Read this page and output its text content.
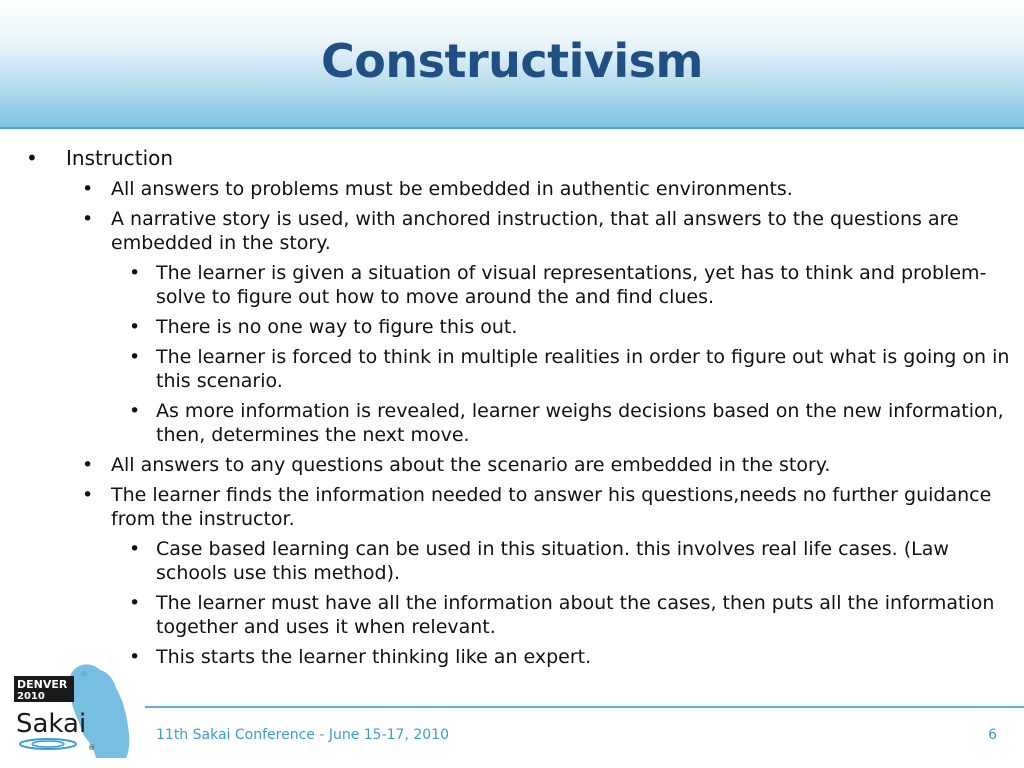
Constructivism
• Instruction
• All answers to problems must be embedded in authentic environments.
• A narrative story is used, with anchored instruction, that all answers to the questions are embedded in the story.
• The learner is given a situation of visual representations, yet has to think and problem-solve to figure out how to move around the and find clues.
• There is no one way to figure this out.
• The learner is forced to think in multiple realities in order to figure out what is going on in this scenario.
• As more information is revealed, learner weighs decisions based on the new information, then, determines the next move.
• All answers to any questions about the scenario are embedded in the story.
• The learner finds the information needed to answer his questions,needs no further guidance from the instructor.
• Case based learning can be used in this situation. this involves real life cases. (Law schools use this method).
• The learner must have all the information about the cases, then puts all the information together and uses it when relevant.
• This starts the learner thinking like an expert.
11th Sakai Conference - June 15-17, 2010	6
DENVER
2010
Sakai
®
